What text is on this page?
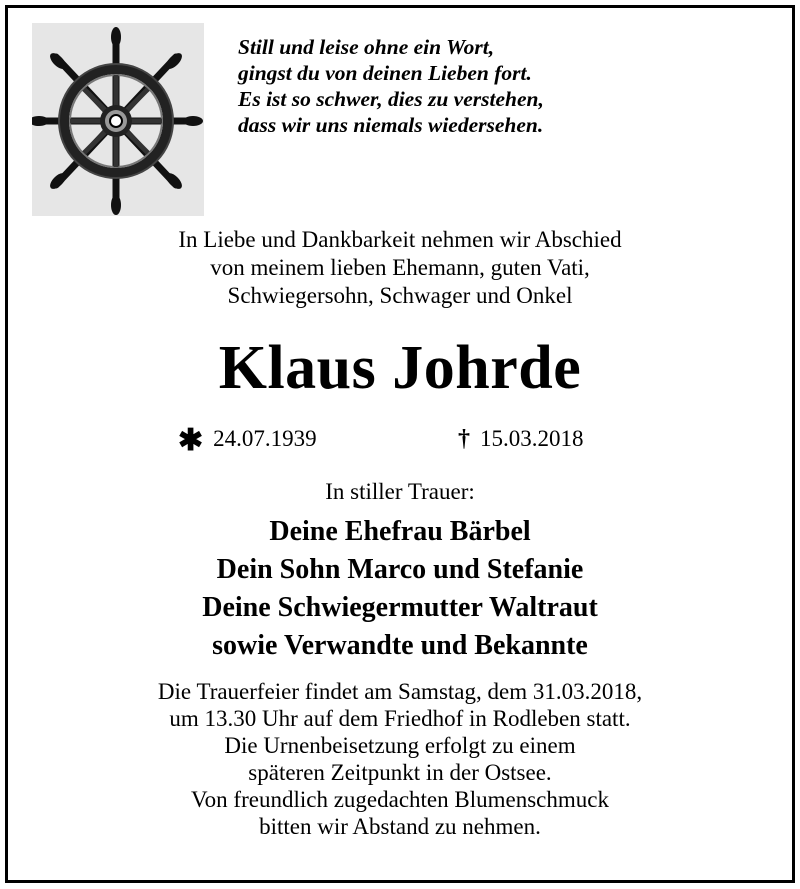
Still und leise ohne ein Wort,
gingst du von deinen Lieben fort.
Es ist so schwer, dies zu verstehen,
dass wir uns niemals wiedersehen.
In Liebe und Dankbarkeit nehmen wir Abschied
von meinem lieben Ehemann, guten Vati,
Schwiegersohn, Schwager und Onkel
Klaus Johrde
✱ 24.07.1939	† 15.03.2018
In stiller Trauer:
Deine Ehefrau Bärbel
Dein Sohn Marco und Stefanie
Deine Schwiegermutter Waltraut
sowie Verwandte und Bekannte
Die Trauerfeier findet am Samstag, dem 31.03.2018,
um 13.30 Uhr auf dem Friedhof in Rodleben statt.
Die Urnenbeisetzung erfolgt zu einem
späteren Zeitpunkt in der Ostsee.
Von freundlich zugedachten Blumenschmuck
bitten wir Abstand zu nehmen.
